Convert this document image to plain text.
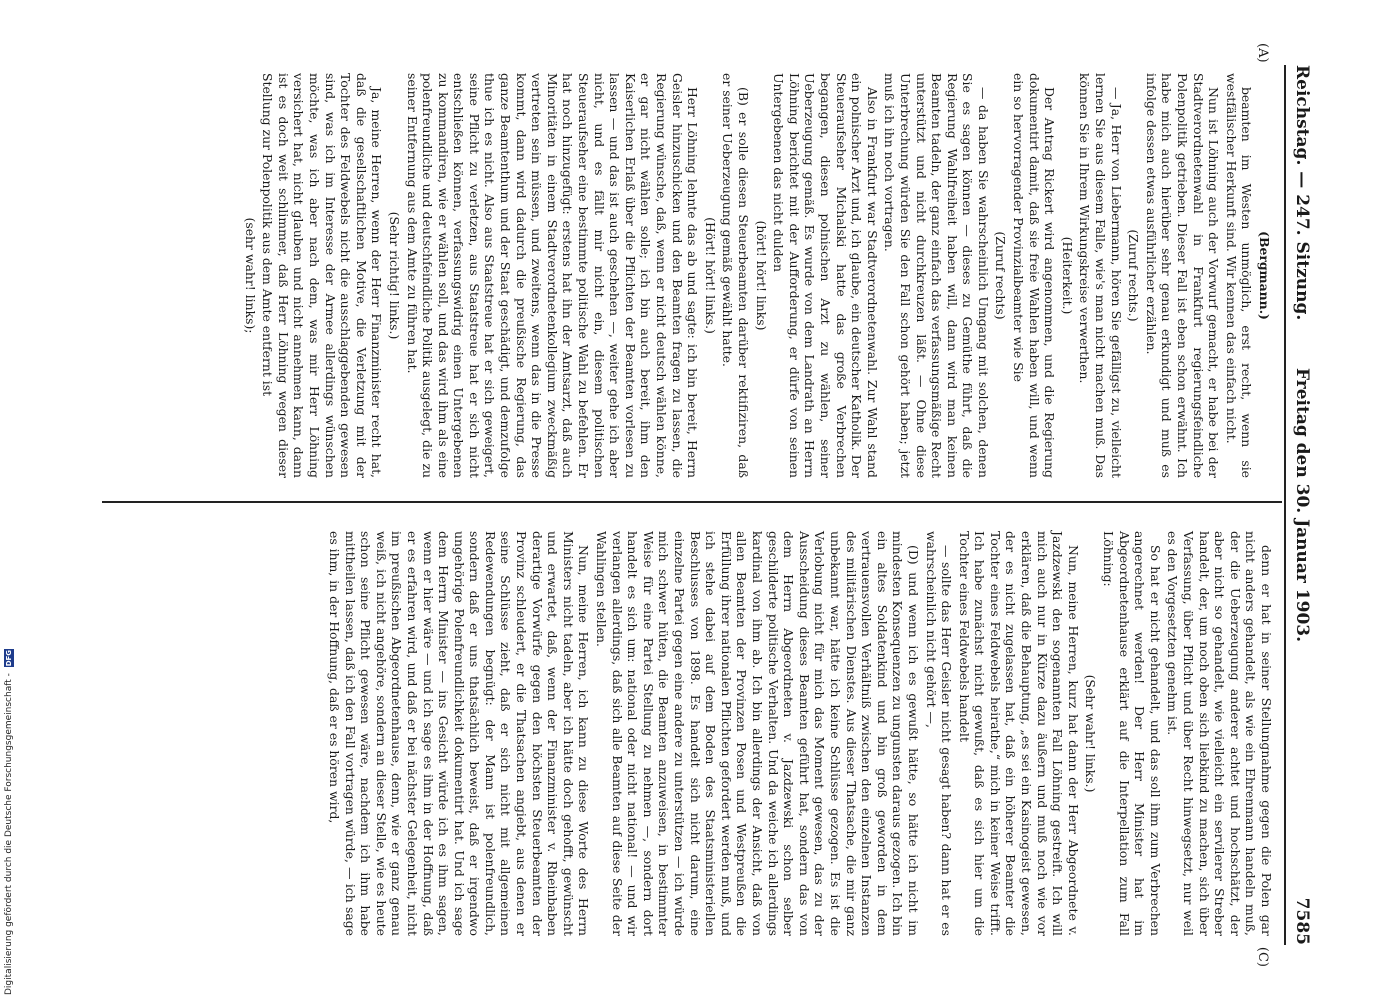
Reichstag. — 247. Sitzung.
Freitag den 30. Januar 1903.
7585
(A)
(C)

(Bergmann.)

beamten im Westen unmöglich, erst recht, wenn sie westfälischer Herkunft sind. Wir kennen das einfach nicht.

Nun ist Löhning auch der Vorwurf gemacht, er habe bei der Stadtverordnetenwahl in Frankfurt regierungsfeindliche Polenpolitik getrieben. Dieser Fall ist eben schon erwähnt. Ich habe mich auch hierüber sehr genau erkundigt und muß es infolge dessen etwas ausführlicher erzählen.

(Zuruf rechts.)

— Ja, Herr von Liebermann, hören Sie gefälligst zu, vielleicht lernen Sie aus diesem Falle, wie's man nicht machen muß. Das können Sie in Ihrem Wirkungskreise verwerthen.

(Heiterkeit.)

Der Antrag Rickert wird angenommen, und die Regierung dokumentirt damit, daß sie freie Wahlen haben will, und wenn ein so hervorragender Provinzialbeamter wie Sie

(Zuruf rechts)

— da haben Sie wahrscheinlich Umgang mit solchen, denen Sie es sagen können — dieses zu Gemüthe führt, daß die Regierung Wahlfreiheit haben will, dann wird man keinen Beamten tadeln, der ganz einfach das verfassungsmäßige Recht unterstützt und nicht durchkreuzen läßt. — Ohne diese Unterbrechung würden Sie den Fall schon gehört haben; jetzt muß ich ihn noch vortragen.

Also in Frankfurt war Stadtverordnetenwahl. Zur Wahl stand ein polnischer Arzt und, ich glaube, ein deutscher Katholik. Der Steueraufseher Michalski hatte das große Verbrechen begangen, diesen polnischen Arzt zu wählen, seiner Ueberzeugung gemäß. Es wurde von dem Landrath an Herrn Löhning berichtet mit der Aufforderung, er dürfe von seinen Untergebenen das nicht dulden

(hört! hört! links)

(B) er solle diesen Steuerbeamten darüber rektifiziren, daß er seiner Ueberzeugung gemäß gewählt hatte.

(Hört! hört! links.)

Herr Löhning lehnte das ab und sagte: ich bin bereit, Herrn Geisler hinzuschicken und den Beamten fragen zu lassen, die Regierung wünsche, daß, wenn er nicht deutsch wählen könne, er gar nicht wählen solle; ich bin auch bereit, ihm den Kaiserlichen Erlaß über die Pflichten der Beamten vorlesen zu lassen — und das ist auch geschehen —, weiter gehe ich aber nicht, und es fällt mir nicht ein, diesem politischen Steueraufseher eine bestimmte politische Wahl zu befehlen. Er hat noch hinzugefügt: erstens hat ihn der Amtsarzt, daß auch Minoritäten in einem Stadtverordnetenkollegium zweckmäßig vertreten sein müssen, und zweitens, wenn das in die Presse kommt, dann wird dadurch die preußische Regierung, das ganze Beamtenthum und der Staat geschädigt, und demzufolge thue ich es nicht. Also aus Staatstreue hat er sich geweigert, seine Pflicht zu verletzen, aus Staatstreue hat er sich nicht entschließen können, verfassungswidrig einen Untergebenen zu kommandiren, wie er wählen soll, und das wird ihm als eine polenfreundliche und deutschfeindliche Politik ausgelegt, die zu seiner Entfernung aus dem Amte zu führen hat.

(Sehr richtig! links.)

Ja, meine Herren, wenn der Herr Finanzminister recht hat, daß die gesellschaftlichen Motive, die Verletzung mit der Tochter des Feldwebels nicht die ausschlaggebenden gewesen sind, was ich im Interesse der Armee allerdings wünschen möchte, was ich aber nach dem, was mir Herr Löhning versichert hat, nicht glauben und nicht annehmen kann, dann ist es doch weit schlimmer, daß Herr Löhning wegen dieser Stellung zur Polenpolitik aus dem Amte entfernt ist

(sehr wahr! links);

denn er hat in seiner Stellungnahme gegen die Polen gar nicht anders gehandelt, als wie ein Ehrenmann handeln muß, der die Ueberzeugung anderer achtet und hochschätzt, der aber nicht so gehandelt, wie vielleicht ein servilerer Streber handelt, der, um noch oben sich liebkind zu machen, sich über Verfassung, über Pflicht und über Recht hinwegsetzt, nur weil es den Vorgesetzten genehm ist.

So hat er nicht gehandelt, und das soll ihm zum Verbrechen angerechnet werden! Der Herr Minister hat im Abgeordnetenhause erklärt auf die Interpellation zum Fall Löhning:

(Sehr wahr! links.)

Nun, meine Herren, kurz hat dann der Herr Abgeordnete v. Jazdzewski den sogenannten Fall Löhning gestreift. Ich will mich auch nur in Kürze dazu äußern und muß noch wie vor erklären, daß die Behauptung, „es sei ein Kasinogeist gewesen, der es nicht zugelassen hat, daß ein höherer Beamter die Tochter eines Feldwebels heirathe,“ mich in keiner Weise trifft. Ich habe zunächst nicht gewußt, daß es sich hier um die Tochter eines Feldwebels handelt

— sollte das Herr Geisler nicht gesagt haben? dann hat er es wahrscheinlich nicht gehört —,

(D) und wenn ich es gewußt hätte, so hätte ich nicht im mindesten Konsequenzen zu ungunsten daraus gezogen. Ich bin ein altes Soldatenkind und bin groß geworden in dem vertrauensvollen Verhältniß zwischen den einzelnen Instanzen des militärischen Dienstes. Aus dieser Thatsache, die mir ganz unbekannt war, hätte ich keine Schlüsse gezogen. Es ist die Verlobung nicht für mich das Moment gewesen, das zu der Ausscheidung dieses Beamten geführt hat, sondern das von dem Herrn Abgeordneten v. Jazdzewski schon selber geschilderte politische Verhalten. Und da weiche ich allerdings kardinal von ihm ab. Ich bin allerdings der Ansicht, daß von allen Beamten der Provinzen Posen und Westpreußen die Erfüllung ihrer nationalen Pflichten gefordert werden muß, und ich stehe dabei auf dem Boden des Staatsministeriellen Beschlusses von 1898. Es handelt sich nicht darum, eine einzelne Partei gegen eine andere zu unterstützen — ich würde mich schwer hüten, die Beamten anzuweisen, in bestimmter Weise für eine Partei Stellung zu nehmen —, sondern dort handelt es sich um: national oder nicht national! — und wir verlangen allerdings, daß sich alle Beamten auf diese Seite der Wahlingen stellen.

Nun, meine Herren, ich kann zu diese Worte des Herrn Ministers nicht tadeln, aber ich hätte doch gehofft, gewünscht und erwartet, daß, wenn der Finanzminister v. Rheinbaben derartige Vorwürfe gegen den höchsten Steuerbeamten der Provinz schleudert, er die Thatsachen angiebt, aus denen er seine Schlüsse zieht, daß er sich nicht mit allgemeinen Redewendungen begnügt: der Mann ist polenfreundlich, sondern daß er uns thatsächlich beweist, daß er irgendwo ungehörige Polenfreundlichkeit dokumentirt hat. Und ich sage dem Herrn Minister — ins Gesicht würde ich es ihm sagen, wenn er hier wäre — und ich sage es ihm in der Hoffnung, daß er es erfahren wird, und daß er bei nächster Gelegenheit, nicht im preußischen Abgeordnetenhause, denn, wie er ganz genau weiß, ich nicht angehöre, sondern an dieser Stelle, wie es heute schon seine Pflicht gewesen wäre, nachdem ich ihm habe mittheilen lassen, daß ich den Fall vortragen würde, — ich sage es ihm, in der Hoffnung, daß er es hören wird,

Digitalisierung gefördert durch die Deutsche Forschungsgemeinschaft -
DFG
